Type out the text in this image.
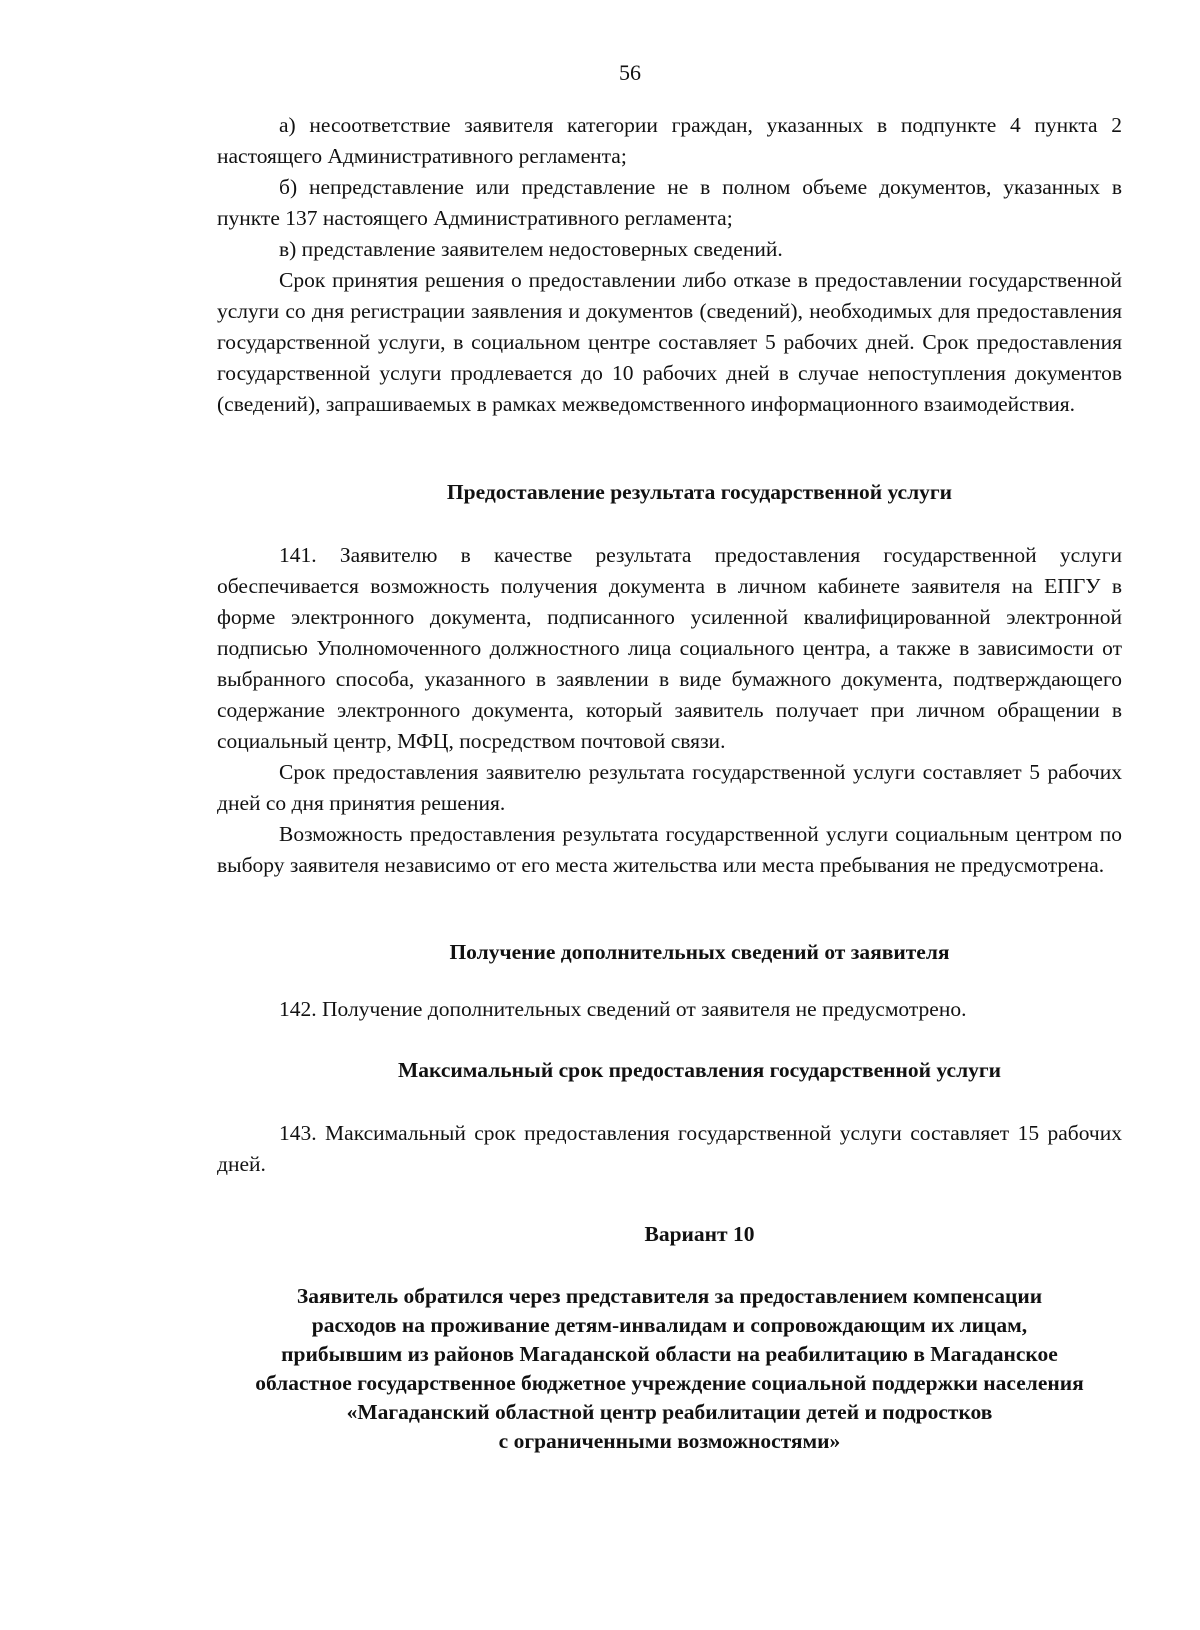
56

а) несоответствие заявителя категории граждан, указанных в подпункте 4 пункта 2 настоящего Административного регламента;

б) непредставление или представление не в полном объеме документов, указанных в пункте 137 настоящего Административного регламента;

в) представление заявителем недостоверных сведений.

Срок принятия решения о предоставлении либо отказе в предоставлении государственной услуги со дня регистрации заявления и документов (сведений), необходимых для предоставления государственной услуги, в социальном центре составляет 5 рабочих дней. Срок предоставления государственной услуги продлевается до 10 рабочих дней в случае непоступления документов (сведений), запрашиваемых в рамках межведомственного информационного взаимодействия.

Предоставление результата государственной услуги

141. Заявителю в качестве результата предоставления государственной услуги обеспечивается возможность получения документа в личном кабинете заявителя на ЕПГУ в форме электронного документа, подписанного усиленной квалифицированной электронной подписью Уполномоченного должностного лица социального центра, а также в зависимости от выбранного способа, указанного в заявлении в виде бумажного документа, подтверждающего содержание электронного документа, который заявитель получает при личном обращении в социальный центр, МФЦ, посредством почтовой связи.

Срок предоставления заявителю результата государственной услуги составляет 5 рабочих дней со дня принятия решения.

Возможность предоставления результата государственной услуги социальным центром по выбору заявителя независимо от его места жительства или места пребывания не предусмотрена.

Получение дополнительных сведений от заявителя

142. Получение дополнительных сведений от заявителя не предусмотрено.

Максимальный срок предоставления государственной услуги

143. Максимальный срок предоставления государственной услуги составляет 15 рабочих дней.

Вариант 10
Заявитель обратился через представителя за предоставлением компенсации
расходов на проживание детям-инвалидам и сопровождающим их лицам,
прибывшим из районов Магаданской области на реабилитацию в Магаданское
областное государственное бюджетное учреждение социальной поддержки населения
«Магаданский областной центр реабилитации детей и подростков
с ограниченными возможностями»
